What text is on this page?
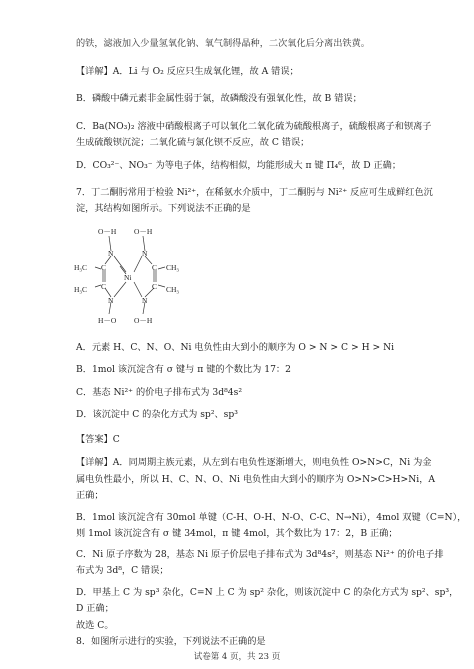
的铁，滤液加入少量氢氧化钠、氧气制得晶种，二次氧化后分离出铁黄。
【详解】A．Li 与 O₂ 反应只生成氧化锂，故 A 错误；
B．磷酸中磷元素非金属性弱于氯，故磷酸没有强氧化性，故 B 错误；
C．Ba(NO₃)₂ 溶液中硝酸根离子可以氧化二氧化硫为硫酸根离子，硫酸根离子和钡离子
生成硫酸钡沉淀；二氧化硫与氯化钡不反应，故 C 错误；
D．CO₃²⁻、NO₃⁻ 为等电子体，结构相似，均能形成大 π 键 Π₄⁶，故 D 正确；
7．丁二酮肟常用于检验 Ni²⁺，在稀氨水介质中，丁二酮肟与 Ni²⁺ 反应可生成鲜红色沉
淀，其结构如图所示。下列说法不正确的是
O－H O－H
N	N
C	C
H₃C	CH₃
Ni
C	C
H₃C	CH₃
N	N
H－O O－H
A．元素 H、C、N、O、Ni 电负性由大到小的顺序为 O > N > C > H > Ni
B．1mol 该沉淀含有 σ 键与 π 键的个数比为 17：2
C．基态 Ni²⁺ 的价电子排布式为 3d⁸4s²
D．该沉淀中 C 的杂化方式为 sp²、sp³
【答案】C
【详解】A．同周期主族元素，从左到右电负性逐渐增大，则电负性 O>N>C，Ni 为金
属电负性最小，所以 H、C、N、O、Ni 电负性由大到小的顺序为 O>N>C>H>Ni，A
正确；
B．1mol 该沉淀含有 30mol 单键（C-H、O-H、N-O、C-C、N→Ni），4mol 双键（C=N），
则 1mol 该沉淀含有 σ 键 34mol，π 键 4mol，其个数比为 17：2，B 正确；
C．Ni 原子序数为 28，基态 Ni 原子价层电子排布式为 3d⁸4s²，则基态 Ni²⁺ 的价电子排
布式为 3d⁸，C 错误；
D．甲基上 C 为 sp³ 杂化，C=N 上 C 为 sp² 杂化，则该沉淀中 C 的杂化方式为 sp²、sp³，
D 正确；
故选 C。
8．如图所示进行的实验，下列说法不正确的是
试卷第 4 页，共 23 页
